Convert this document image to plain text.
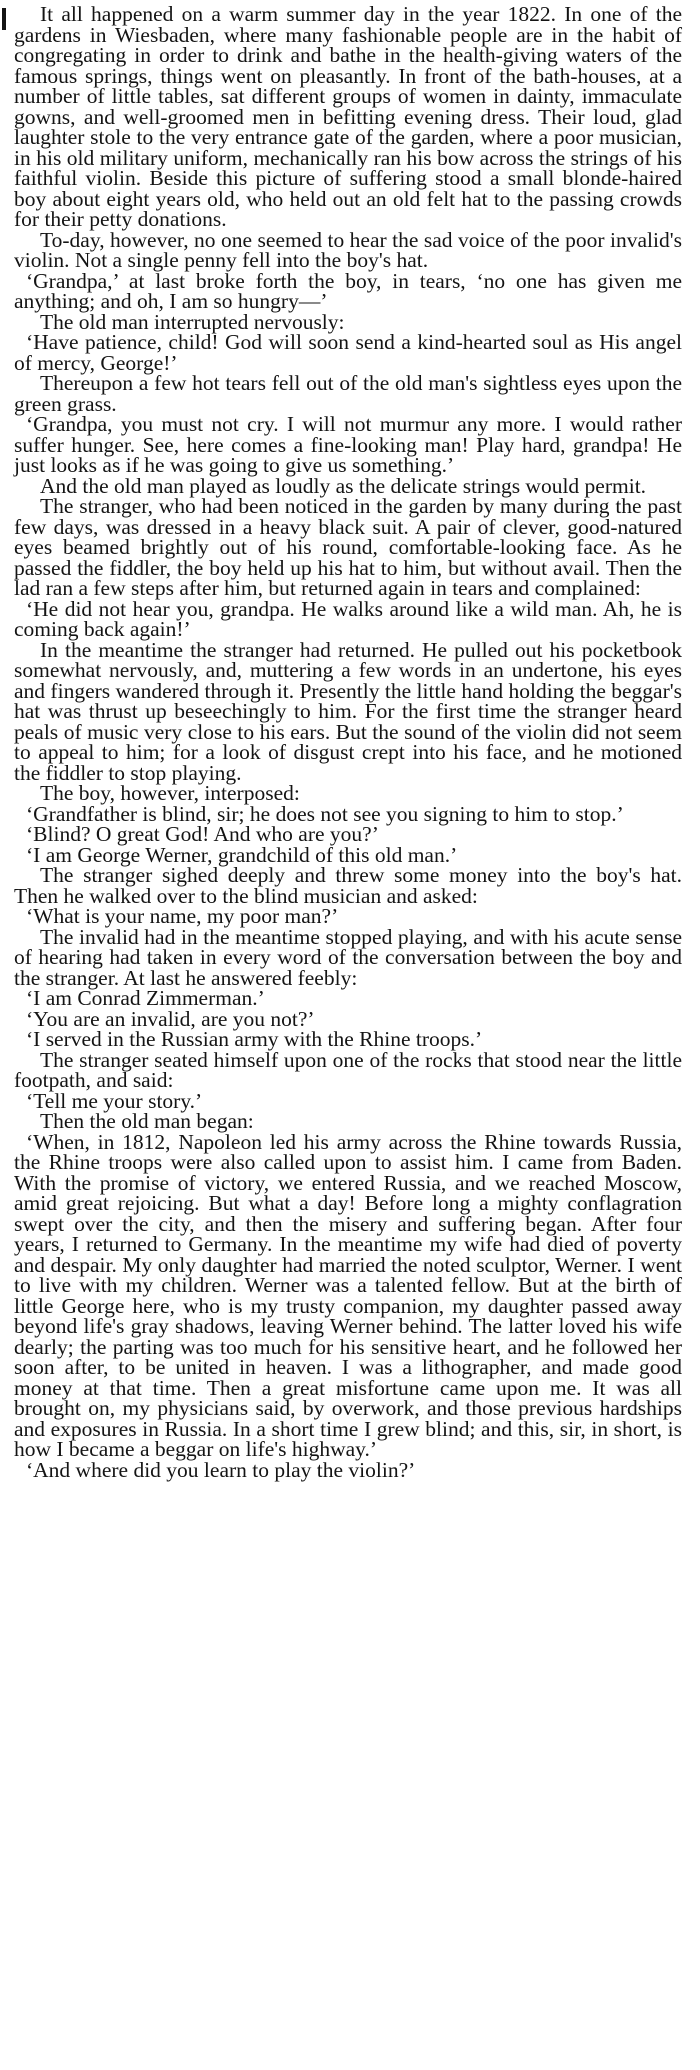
It all happened on a warm summer day in the year 1822. In one of the gardens in Wiesbaden, where many fashionable people are in the habit of congregating in order to drink and bathe in the health-giving waters of the famous springs, things went on pleasantly. In front of the bath-houses, at a number of little tables, sat different groups of women in dainty, immaculate gowns, and well-groomed men in befitting evening dress. Their loud, glad laughter stole to the very entrance gate of the garden, where a poor musician, in his old military uniform, mechanically ran his bow across the strings of his faithful violin. Beside this picture of suffering stood a small blonde-haired boy about eight years old, who held out an old felt hat to the passing crowds for their petty donations.

To-day, however, no one seemed to hear the sad voice of the poor invalid's violin. Not a single penny fell into the boy's hat.

‘Grandpa,’ at last broke forth the boy, in tears, ‘no one has given me anything; and oh, I am so hungry—’

The old man interrupted nervously:

‘Have patience, child! God will soon send a kind-hearted soul as His angel of mercy, George!’

Thereupon a few hot tears fell out of the old man's sightless eyes upon the green grass.

‘Grandpa, you must not cry. I will not murmur any more. I would rather suffer hunger. See, here comes a fine-looking man! Play hard, grandpa! He just looks as if he was going to give us something.’

And the old man played as loudly as the delicate strings would permit.

The stranger, who had been noticed in the garden by many during the past few days, was dressed in a heavy black suit. A pair of clever, good-natured eyes beamed brightly out of his round, comfortable-looking face. As he passed the fiddler, the boy held up his hat to him, but without avail. Then the lad ran a few steps after him, but returned again in tears and complained:

‘He did not hear you, grandpa. He walks around like a wild man. Ah, he is coming back again!’

In the meantime the stranger had returned. He pulled out his pocketbook somewhat nervously, and, muttering a few words in an undertone, his eyes and fingers wandered through it. Presently the little hand holding the beggar's hat was thrust up beseechingly to him. For the first time the stranger heard peals of music very close to his ears. But the sound of the violin did not seem to appeal to him; for a look of disgust crept into his face, and he motioned the fiddler to stop playing.

The boy, however, interposed:

‘Grandfather is blind, sir; he does not see you signing to him to stop.’

‘Blind? O great God! And who are you?’

‘I am George Werner, grandchild of this old man.’

The stranger sighed deeply and threw some money into the boy's hat. Then he walked over to the blind musician and asked:

‘What is your name, my poor man?’

The invalid had in the meantime stopped playing, and with his acute sense of hearing had taken in every word of the conversation between the boy and the stranger. At last he answered feebly:

‘I am Conrad Zimmerman.’

‘You are an invalid, are you not?’

‘I served in the Russian army with the Rhine troops.’

The stranger seated himself upon one of the rocks that stood near the little footpath, and said:

‘Tell me your story.’

Then the old man began:

‘When, in 1812, Napoleon led his army across the Rhine towards Russia, the Rhine troops were also called upon to assist him. I came from Baden. With the promise of victory, we entered Russia, and we reached Moscow, amid great rejoicing. But what a day! Before long a mighty conflagration swept over the city, and then the misery and suffering began. After four years, I returned to Germany. In the meantime my wife had died of poverty and despair. My only daughter had married the noted sculptor, Werner. I went to live with my children. Werner was a talented fellow. But at the birth of little George here, who is my trusty companion, my daughter passed away beyond life's gray shadows, leaving Werner behind. The latter loved his wife dearly; the parting was too much for his sensitive heart, and he followed her soon after, to be united in heaven. I was a lithographer, and made good money at that time. Then a great misfortune came upon me. It was all brought on, my physicians said, by overwork, and those previous hardships and exposures in Russia. In a short time I grew blind; and this, sir, in short, is how I became a beggar on life's highway.’

‘And where did you learn to play the violin?’
